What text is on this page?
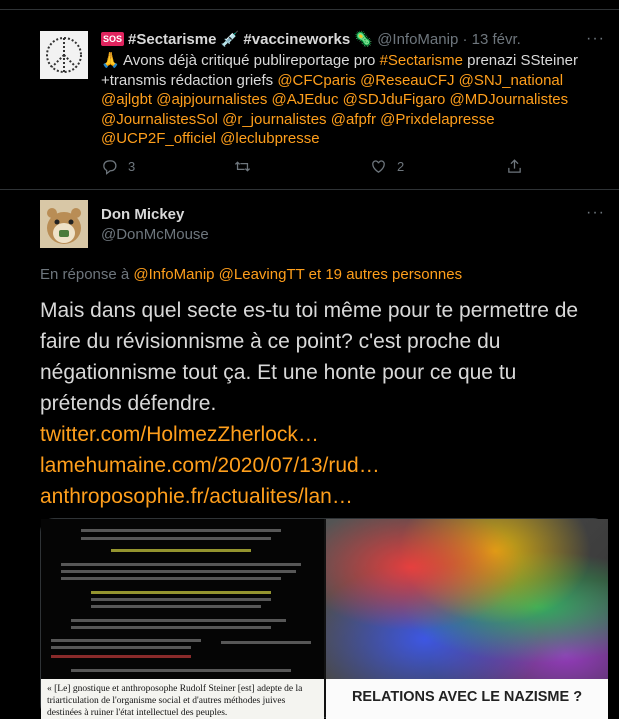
SOS #Sectarisme 💉 #vaccineworks 🦠 @InfoManip · 13 févr.	···
🙏 Avons déjà critiqué publireportage pro #Sectarisme prenazi SSteiner +transmis rédaction griefs @CFCparis @ReseauCFJ @SNJ_national @ajlgbt @ajpjournalistes @AJEduc @SDJduFigaro @MDJournalistes @JournalistesSol @r_journalistes @afpfr @Prixdelapresse @UCP2F_officiel @leclubpresse
3	2
Don Mickey
@DonMcMouse
···
En réponse à @InfoManip @LeavingTT et 19 autres personnes
Mais dans quel secte es-tu toi même pour te permettre de faire du révisionnisme à ce point? c'est proche du négationnisme tout ça. Et une honte pour ce que tu prétends défendre.
twitter.com/HolmezZherlock…
lamehumaine.com/2020/07/13/rud…
anthroposophie.fr/actualites/lan…
« [Le] gnostique et anthroposophe Rudolf Steiner [est] adepte de la triarticulation de l'organisme social et d'autres méthodes juives destinées à ruiner l'état intellectuel des peuples.
RELATIONS AVEC LE NAZISME ?
